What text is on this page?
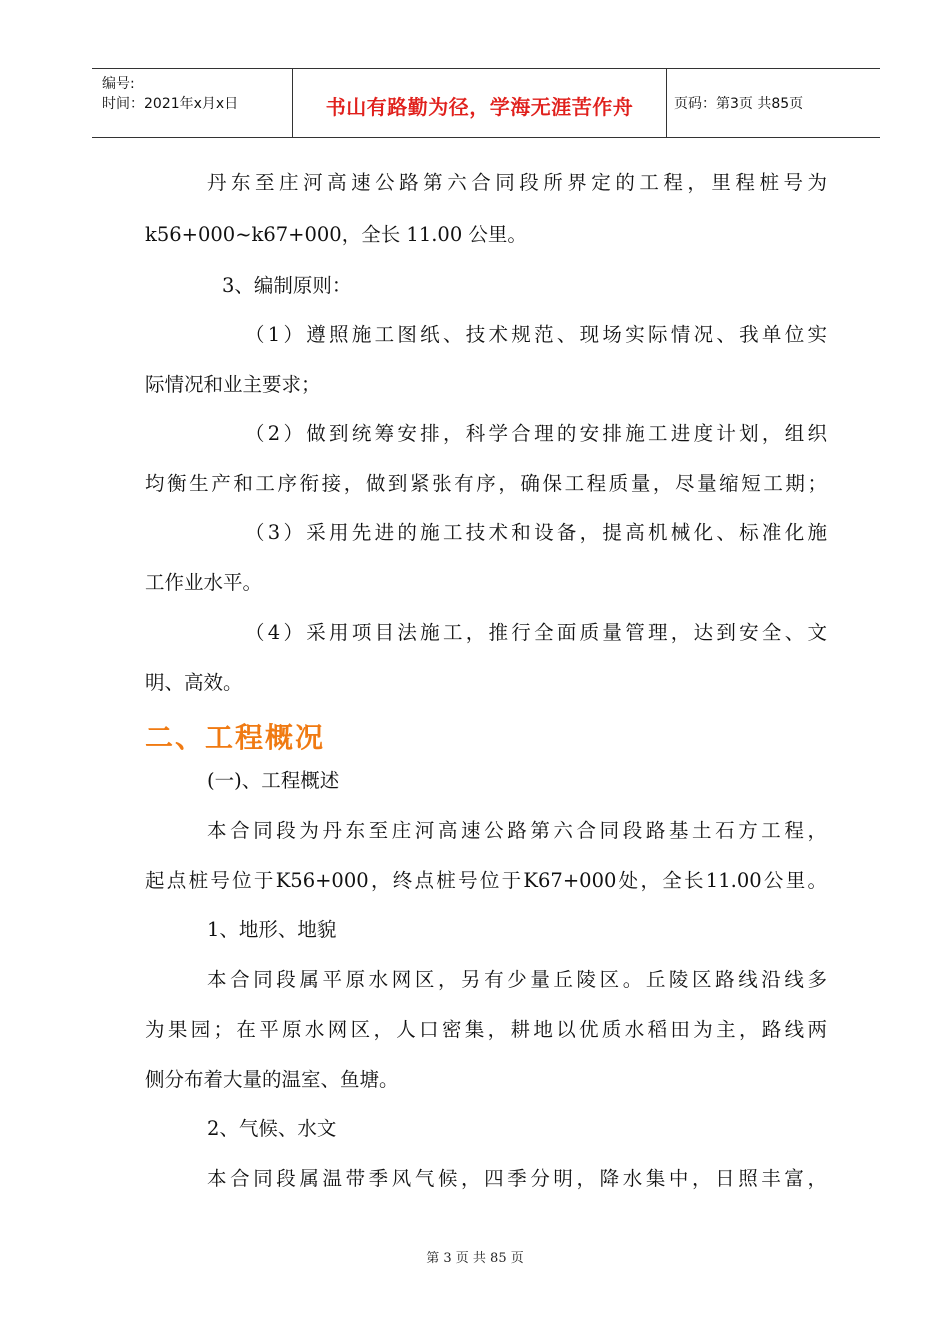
编号:
时间：2021年x月x日	书山有路勤为径，学海无涯苦作舟	页码：第3页 共85页
丹东至庄河高速公路第六合同段所界定的工程，里程桩号为
k56+000~k67+000，全长 11.00 公里。
3、编制原则：
（1）遵照施工图纸、技术规范、现场实际情况、我单位实
际情况和业主要求；
（2）做到统筹安排，科学合理的安排施工进度计划，组织
均衡生产和工序衔接，做到紧张有序，确保工程质量，尽量缩短工期；
（3）采用先进的施工技术和设备，提高机械化、标准化施
工作业水平。
（4）采用项目法施工，推行全面质量管理，达到安全、文
明、高效。
二、工程概况
(一)、工程概述
本合同段为丹东至庄河高速公路第六合同段路基土石方工程，
起点桩号位于K56+000，终点桩号位于K67+000处，全长11.00公里。
1、地形、地貌
本合同段属平原水网区，另有少量丘陵区。丘陵区路线沿线多
为果园；在平原水网区，人口密集，耕地以优质水稻田为主，路线两
侧分布着大量的温室、鱼塘。
2、气候、水文
本合同段属温带季风气候，四季分明，降水集中，日照丰富，
第 3 页 共 85 页
